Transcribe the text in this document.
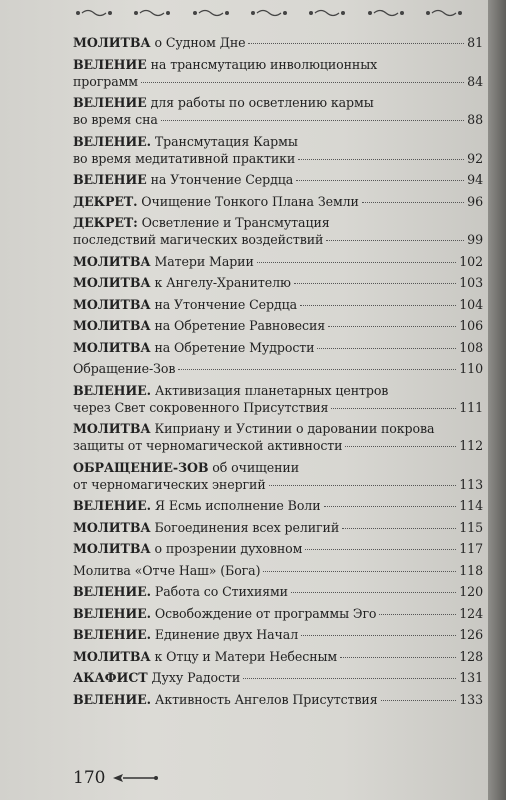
МОЛИТВА о Судном Дне	81
ВЕЛЕНИЕ на трансмутацию инволюционных
программ	84
ВЕЛЕНИЕ для работы по осветлению кармы
во время сна	88
ВЕЛЕНИЕ. Трансмутация Кармы
во время медитативной практики	92
ВЕЛЕНИЕ на Утончение Сердца	94
ДЕКРЕТ. Очищение Тонкого Плана Земли	96
ДЕКРЕТ: Осветление и Трансмутация
последствий магических воздействий	99
МОЛИТВА Матери Марии	102
МОЛИТВА к Ангелу-Хранителю	103
МОЛИТВА на Утончение Сердца	104
МОЛИТВА на Обретение Равновесия	106
МОЛИТВА на Обретение Мудрости	108
Обращение-Зов	110
ВЕЛЕНИЕ. Активизация планетарных центров
через Свет сокровенного Присутствия	111
МОЛИТВА Киприану и Устинии о даровании покрова
защиты от черномагической активности	112
ОБРАЩЕНИЕ-ЗОВ об очищении
от черномагических энергий	113
ВЕЛЕНИЕ. Я Есмь исполнение Воли	114
МОЛИТВА Богоединения всех религий	115
МОЛИТВА о прозрении духовном	117
Молитва «Отче Наш» (Бога)	118
ВЕЛЕНИЕ. Работа со Стихиями	120
ВЕЛЕНИЕ. Освобождение от программы Эго	124
ВЕЛЕНИЕ. Единение двух Начал	126
МОЛИТВА к Отцу и Матери Небесным	128
АКАФИСТ Духу Радости	131
ВЕЛЕНИЕ. Активность Ангелов Присутствия	133
170
